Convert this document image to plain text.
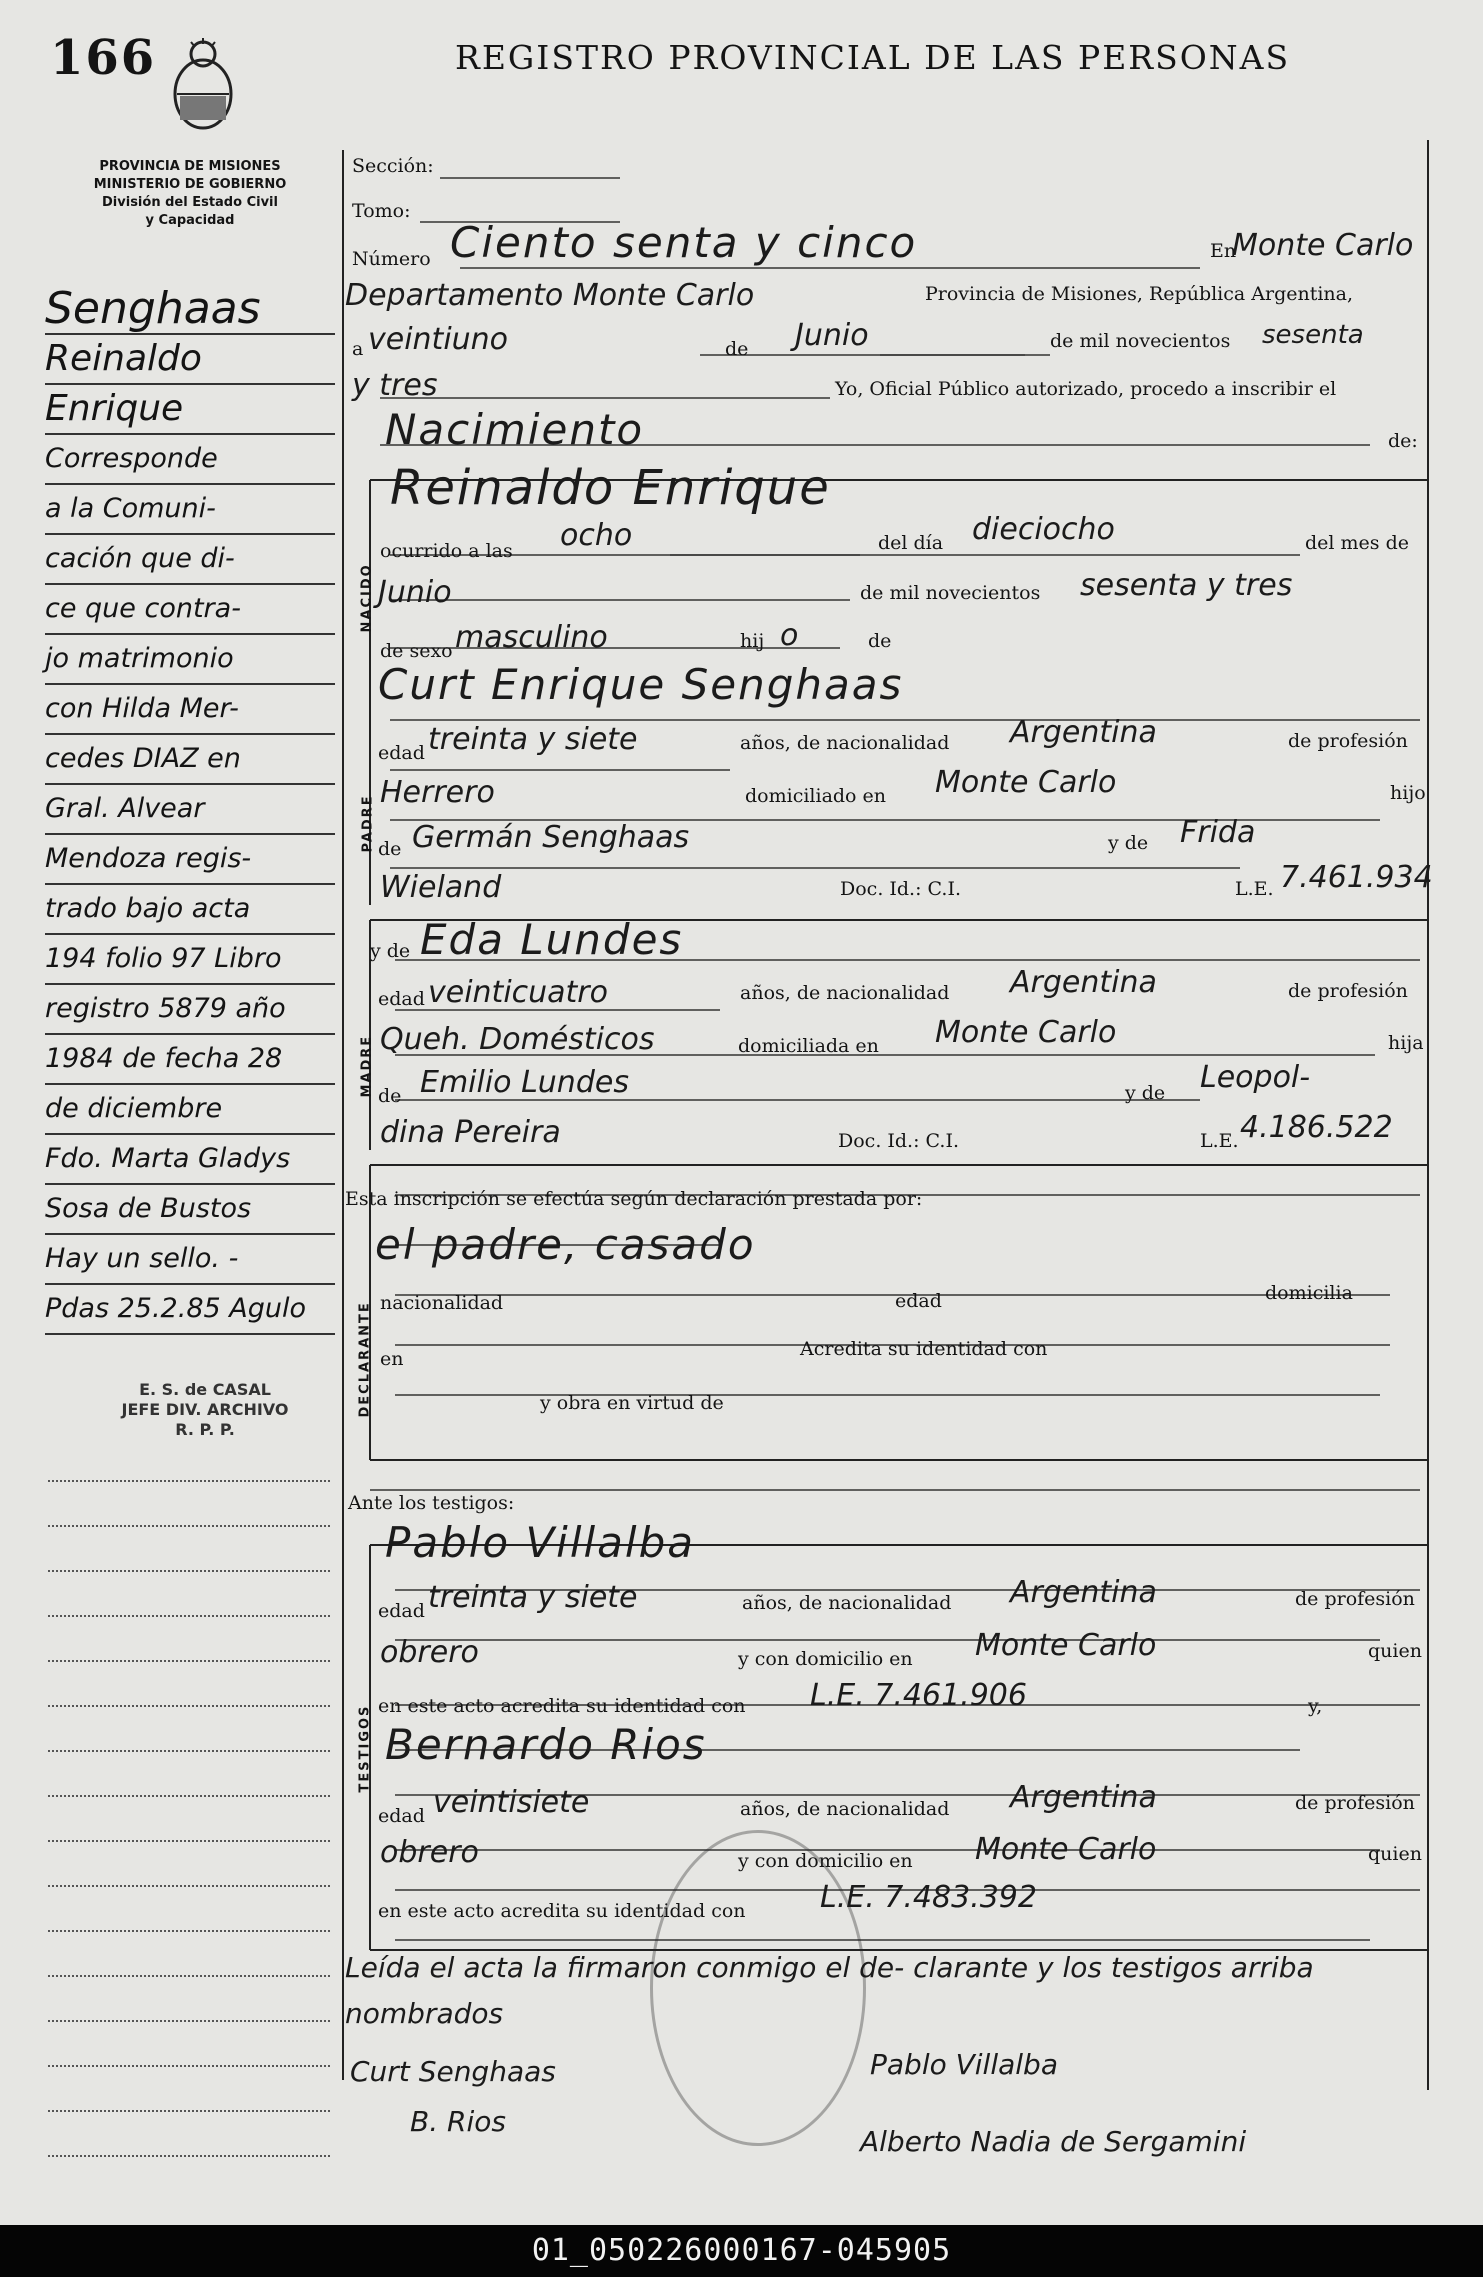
166	REGISTRO PROVINCIAL DE LAS PERSONAS
PROVINCIA DE MISIONES
MINISTERIO DE GOBIERNO
División del Estado Civil
y Capacidad
Senghaas
Reinaldo
Enrique
Corresponde
a la Comuni-
cación que di-
ce que contra-
jo matrimonio
con Hilda Mer-
cedes DIAZ en
Gral. Alvear
Mendoza regis-
trado bajo acta
194 folio 97 Libro
registro 5879 año
1984 de fecha 28
de diciembre
Fdo. Marta Gladys
Sosa de Bustos
Hay un sello. -
Pdas 25.2.85 Agulo
E. S. de CASAL
JEFE DIV. ARCHIVO
R. P. P.
Sección:
Tomo:
Número Ciento senta y cinco	En
Monte Carlo
Departamento Monte Carlo	Provincia de Misiones, República Argentina,
a veintiuno	de Junio	de mil novecientos sesenta
y tres	Yo, Oficial Público autorizado, procedo a inscribir el
Nacimiento	de:
NACIDO
Reinaldo Enrique
ocurrido a las ocho	del día dieciocho	del mes de
Junio	de mil novecientos sesenta y tres
de sexo masculino	hij o	de
PADRE
Curt Enrique Senghaas
edad treinta y siete	años, de nacionalidad Argentina	de profesión
Herrero	domiciliado en Monte Carlo	hijo
de Germán Senghaas	y de Frida
Wieland	Doc. Id.: C.I.	L.E. 7.461.934
MADRE
y de Eda Lundes
edad veinticuatro	años, de nacionalidad Argentina	de profesión
Queh. Domésticos	domiciliada en Monte Carlo	hija
de Emilio Lundes	y de Leopol-
dina Pereira	Doc. Id.: C.I.	L.E. 4.186.522
Esta inscripción se efectúa según declaración prestada por:
DECLARANTE
el padre, casado
nacionalidad	edad	domicilia
en	Acredita su identidad con
y obra en virtud de
Ante los testigos:
TESTIGOS
Pablo Villalba
edad treinta y siete	años, de nacionalidad Argentina	de profesión
obrero	y con domicilio en Monte Carlo	quien
en este acto acredita su identidad con L.E. 7.461.906	y,
Bernardo Rios
edad veintisiete	años, de nacionalidad Argentina	de profesión
obrero	y con domicilio en Monte Carlo	quien
en este acto acredita su identidad con L.E. 7.483.392
Leída el acta la firmaron conmigo el de- clarante y los testigos arriba nombrados
Curt Senghaas	Pablo Villalba
B. Rios
Alberto Nadia de Sergamini
01_050226000167-045905
